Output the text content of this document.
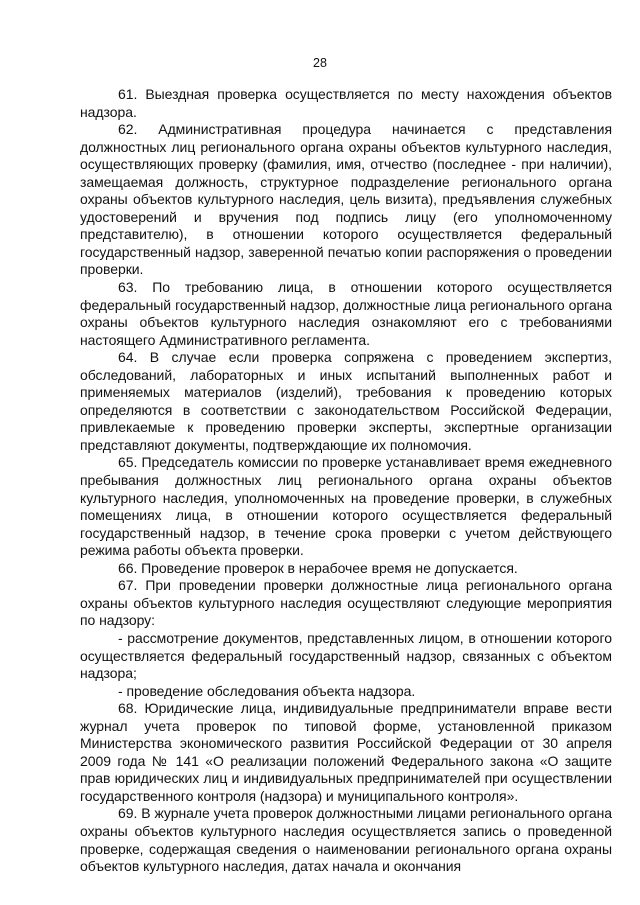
28

61. Выездная проверка осуществляется по месту нахождения объектов надзора.

62. Административная процедура начинается с представления должностных лиц регионального органа охраны объектов культурного наследия, осуществляющих проверку (фамилия, имя, отчество (последнее - при наличии), замещаемая должность, структурное подразделение регионального органа охраны объектов культурного наследия, цель визита), предъявления служебных удостоверений и вручения под подпись лицу (его уполномоченному представителю), в отношении которого осуществляется федеральный государственный надзор, заверенной печатью копии распоряжения о проведении проверки.

63. По требованию лица, в отношении которого осуществляется федеральный государственный надзор, должностные лица регионального органа охраны объектов культурного наследия ознакомляют его с требованиями настоящего Административного регламента.

64. В случае если проверка сопряжена с проведением экспертиз, обследований, лабораторных и иных испытаний выполненных работ и применяемых материалов (изделий), требования к проведению которых определяются в соответствии с законодательством Российской Федерации, привлекаемые к проведению проверки эксперты, экспертные организации представляют документы, подтверждающие их полномочия.

65. Председатель комиссии по проверке устанавливает время ежедневного пребывания должностных лиц регионального органа охраны объектов культурного наследия, уполномоченных на проведение проверки, в служебных помещениях лица, в отношении которого осуществляется федеральный государственный надзор, в течение срока проверки с учетом действующего режима работы объекта проверки.

66. Проведение проверок в нерабочее время не допускается.

67. При проведении проверки должностные лица регионального органа охраны объектов культурного наследия осуществляют следующие мероприятия по надзору:

- рассмотрение документов, представленных лицом, в отношении которого осуществляется федеральный государственный надзор, связанных с объектом надзора;

- проведение обследования объекта надзора.

68. Юридические лица, индивидуальные предприниматели вправе вести журнал учета проверок по типовой форме, установленной приказом Министерства экономического развития Российской Федерации от 30 апреля 2009 года № 141 «О реализации положений Федерального закона «О защите прав юридических лиц и индивидуальных предпринимателей при осуществлении государственного контроля (надзора) и муниципального контроля».

69. В журнале учета проверок должностными лицами регионального органа охраны объектов культурного наследия осуществляется запись о проведенной проверке, содержащая сведения о наименовании регионального органа охраны объектов культурного наследия, датах начала и окончания
